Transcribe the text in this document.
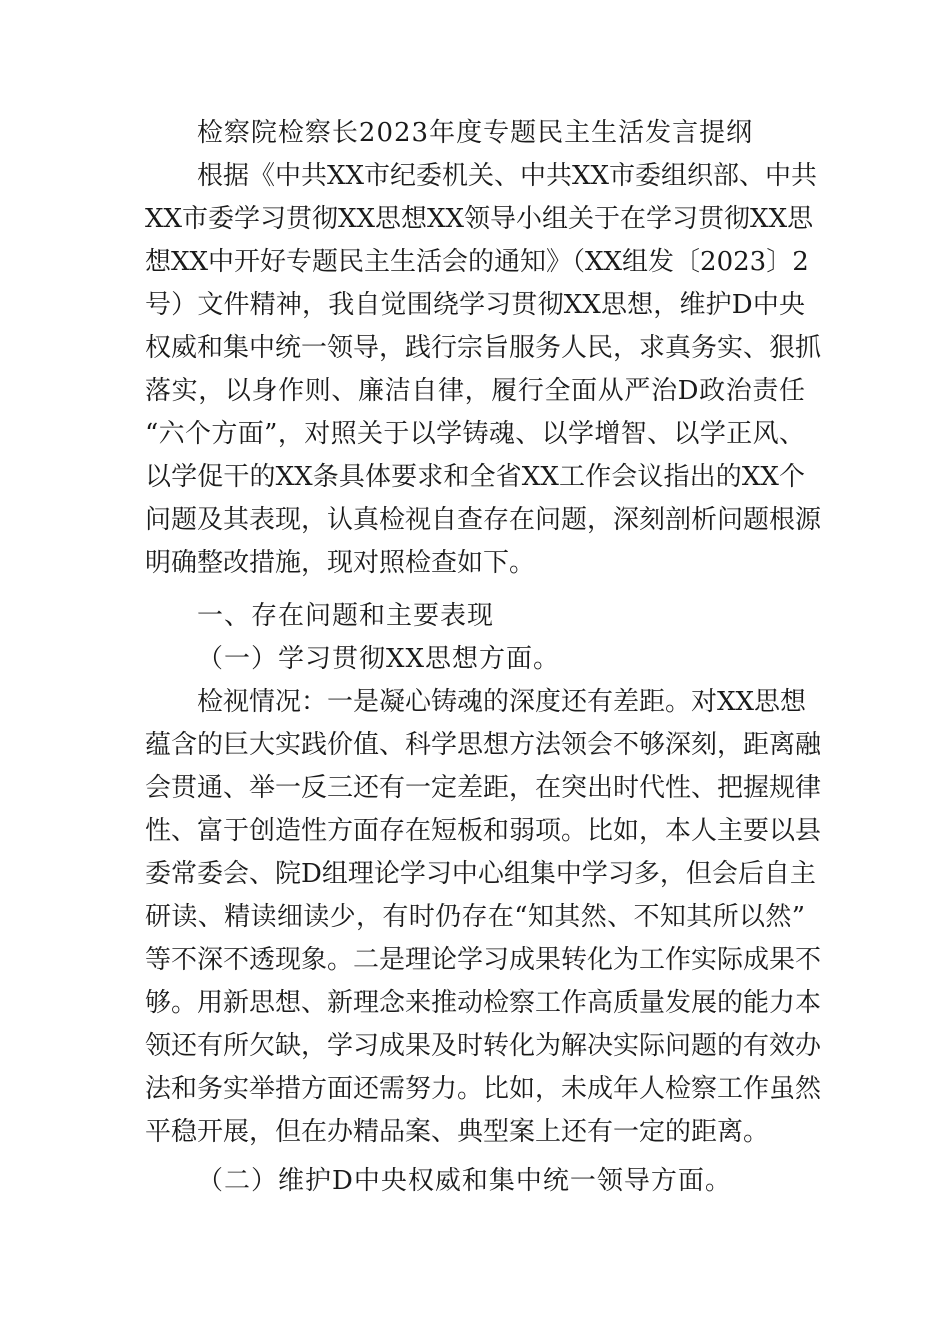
检察院检察长2023年度专题民主生活发言提纲
根据《中共XX市纪委机关、中共XX市委组织部、中共
XX市委学习贯彻XX思想XX领导小组关于在学习贯彻XX思
想XX中开好专题民主生活会的通知》（XX组发〔2023〕2
号）文件精神，我自觉围绕学习贯彻XX思想，维护D中央
权威和集中统一领导，践行宗旨服务人民，求真务实、狠抓
落实，以身作则、廉洁自律，履行全面从严治D政治责任
“六个方面”，对照关于以学铸魂、以学增智、以学正风、
以学促干的XX条具体要求和全省XX工作会议指出的XX个
问题及其表现，认真检视自查存在问题，深刻剖析问题根源
明确整改措施，现对照检查如下。
一、存在问题和主要表现
（一）学习贯彻XX思想方面。
检视情况：一是凝心铸魂的深度还有差距。对XX思想
蕴含的巨大实践价值、科学思想方法领会不够深刻，距离融
会贯通、举一反三还有一定差距，在突出时代性、把握规律
性、富于创造性方面存在短板和弱项。比如，本人主要以县
委常委会、院D组理论学习中心组集中学习多，但会后自主
研读、精读细读少，有时仍存在“知其然、不知其所以然”
等不深不透现象。二是理论学习成果转化为工作实际成果不
够。用新思想、新理念来推动检察工作高质量发展的能力本
领还有所欠缺，学习成果及时转化为解决实际问题的有效办
法和务实举措方面还需努力。比如，未成年人检察工作虽然
平稳开展，但在办精品案、典型案上还有一定的距离。
（二）维护D中央权威和集中统一领导方面。
